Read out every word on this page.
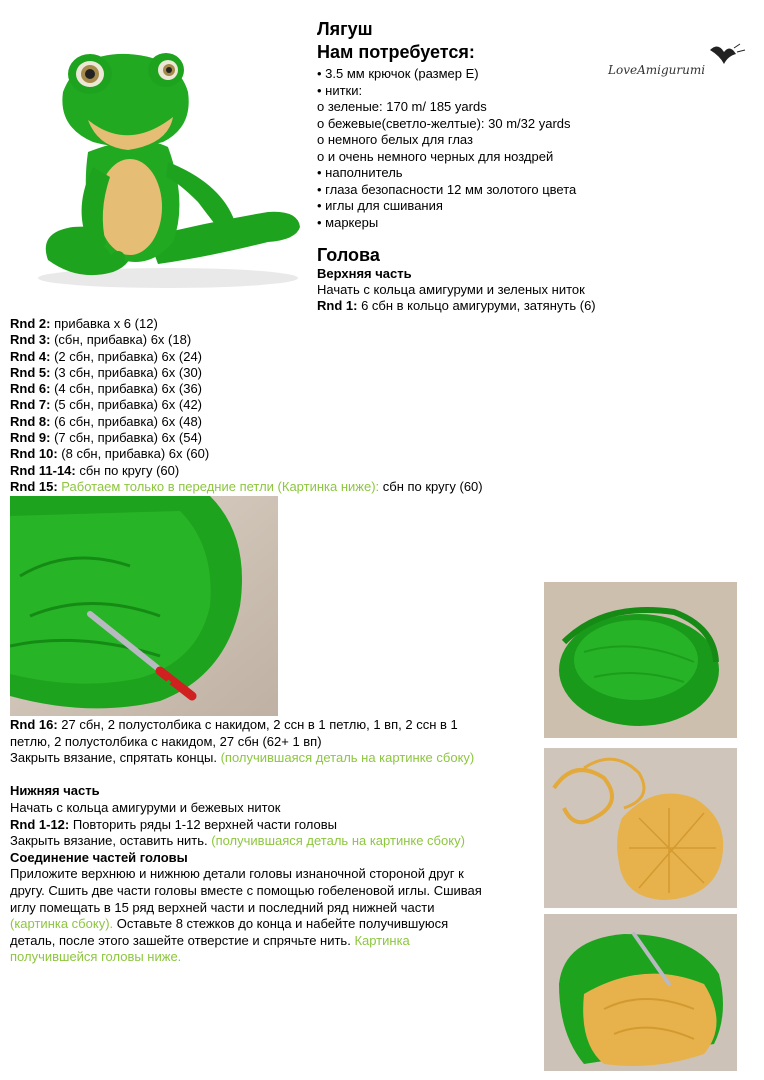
Лягуш
Нам потребуется:
• 3.5 мм крючок (размер E)
• нитки:
о зеленые: 170 m/ 185 yards
о бежевые(светло-желтые): 30 m/32 yards
о немного белых для глаз
о и очень немного черных для ноздрей
• наполнитель
• глаза безопасности 12 мм золотого цвета
• иглы для сшивания
• маркеры
LoveAmigurumi
Голова
Верхняя часть
Начать с кольца амигуруми и зеленых ниток
Rnd 1: 6 сбн в кольцо амигуруми, затянуть (6)
Rnd 2: прибавка х 6 (12)
Rnd 3: (сбн, прибавка) 6х (18)
Rnd 4: (2 сбн, прибавка) 6х (24)
Rnd 5: (3 сбн, прибавка) 6х (30)
Rnd 6: (4 сбн, прибавка) 6х (36)
Rnd 7: (5 сбн, прибавка) 6х (42)
Rnd 8: (6 сбн, прибавка) 6х (48)
Rnd 9: (7 сбн, прибавка) 6х (54)
Rnd 10: (8 сбн, прибавка) 6х (60)
Rnd 11-14: сбн по кругу (60)
Rnd 15: Работаем только в передние петли (Картинка ниже): сбн по кругу (60)
Rnd 16: 27 сбн, 2 полустолбика с накидом, 2 ссн в 1 петлю, 1 вп, 2 ссн в 1
петлю, 2 полустолбика с накидом, 27 сбн (62+ 1 вп)
Закрыть вязание, спрятать концы. (получившаяся деталь на картинке сбоку)
Нижняя часть
Начать с кольца амигуруми и бежевых ниток
Rnd 1-12: Повторить ряды 1-12 верхней части головы
Закрыть вязание, оставить нить. (получившаяся деталь на картинке сбоку)
Соединение частей головы
Приложите верхнюю и нижнюю детали головы изнаночной стороной друг к
другу. Сшить две части головы вместе с помощью гобеленовой иглы. Сшивая
иглу помещать в 15 ряд верхней части и последний ряд нижней части
(картинка сбоку). Оставьте 8 стежков до конца и набейте получившуюся
деталь, после этого зашейте отверстие и спрячьте нить. Картинка
получившейся головы ниже.
